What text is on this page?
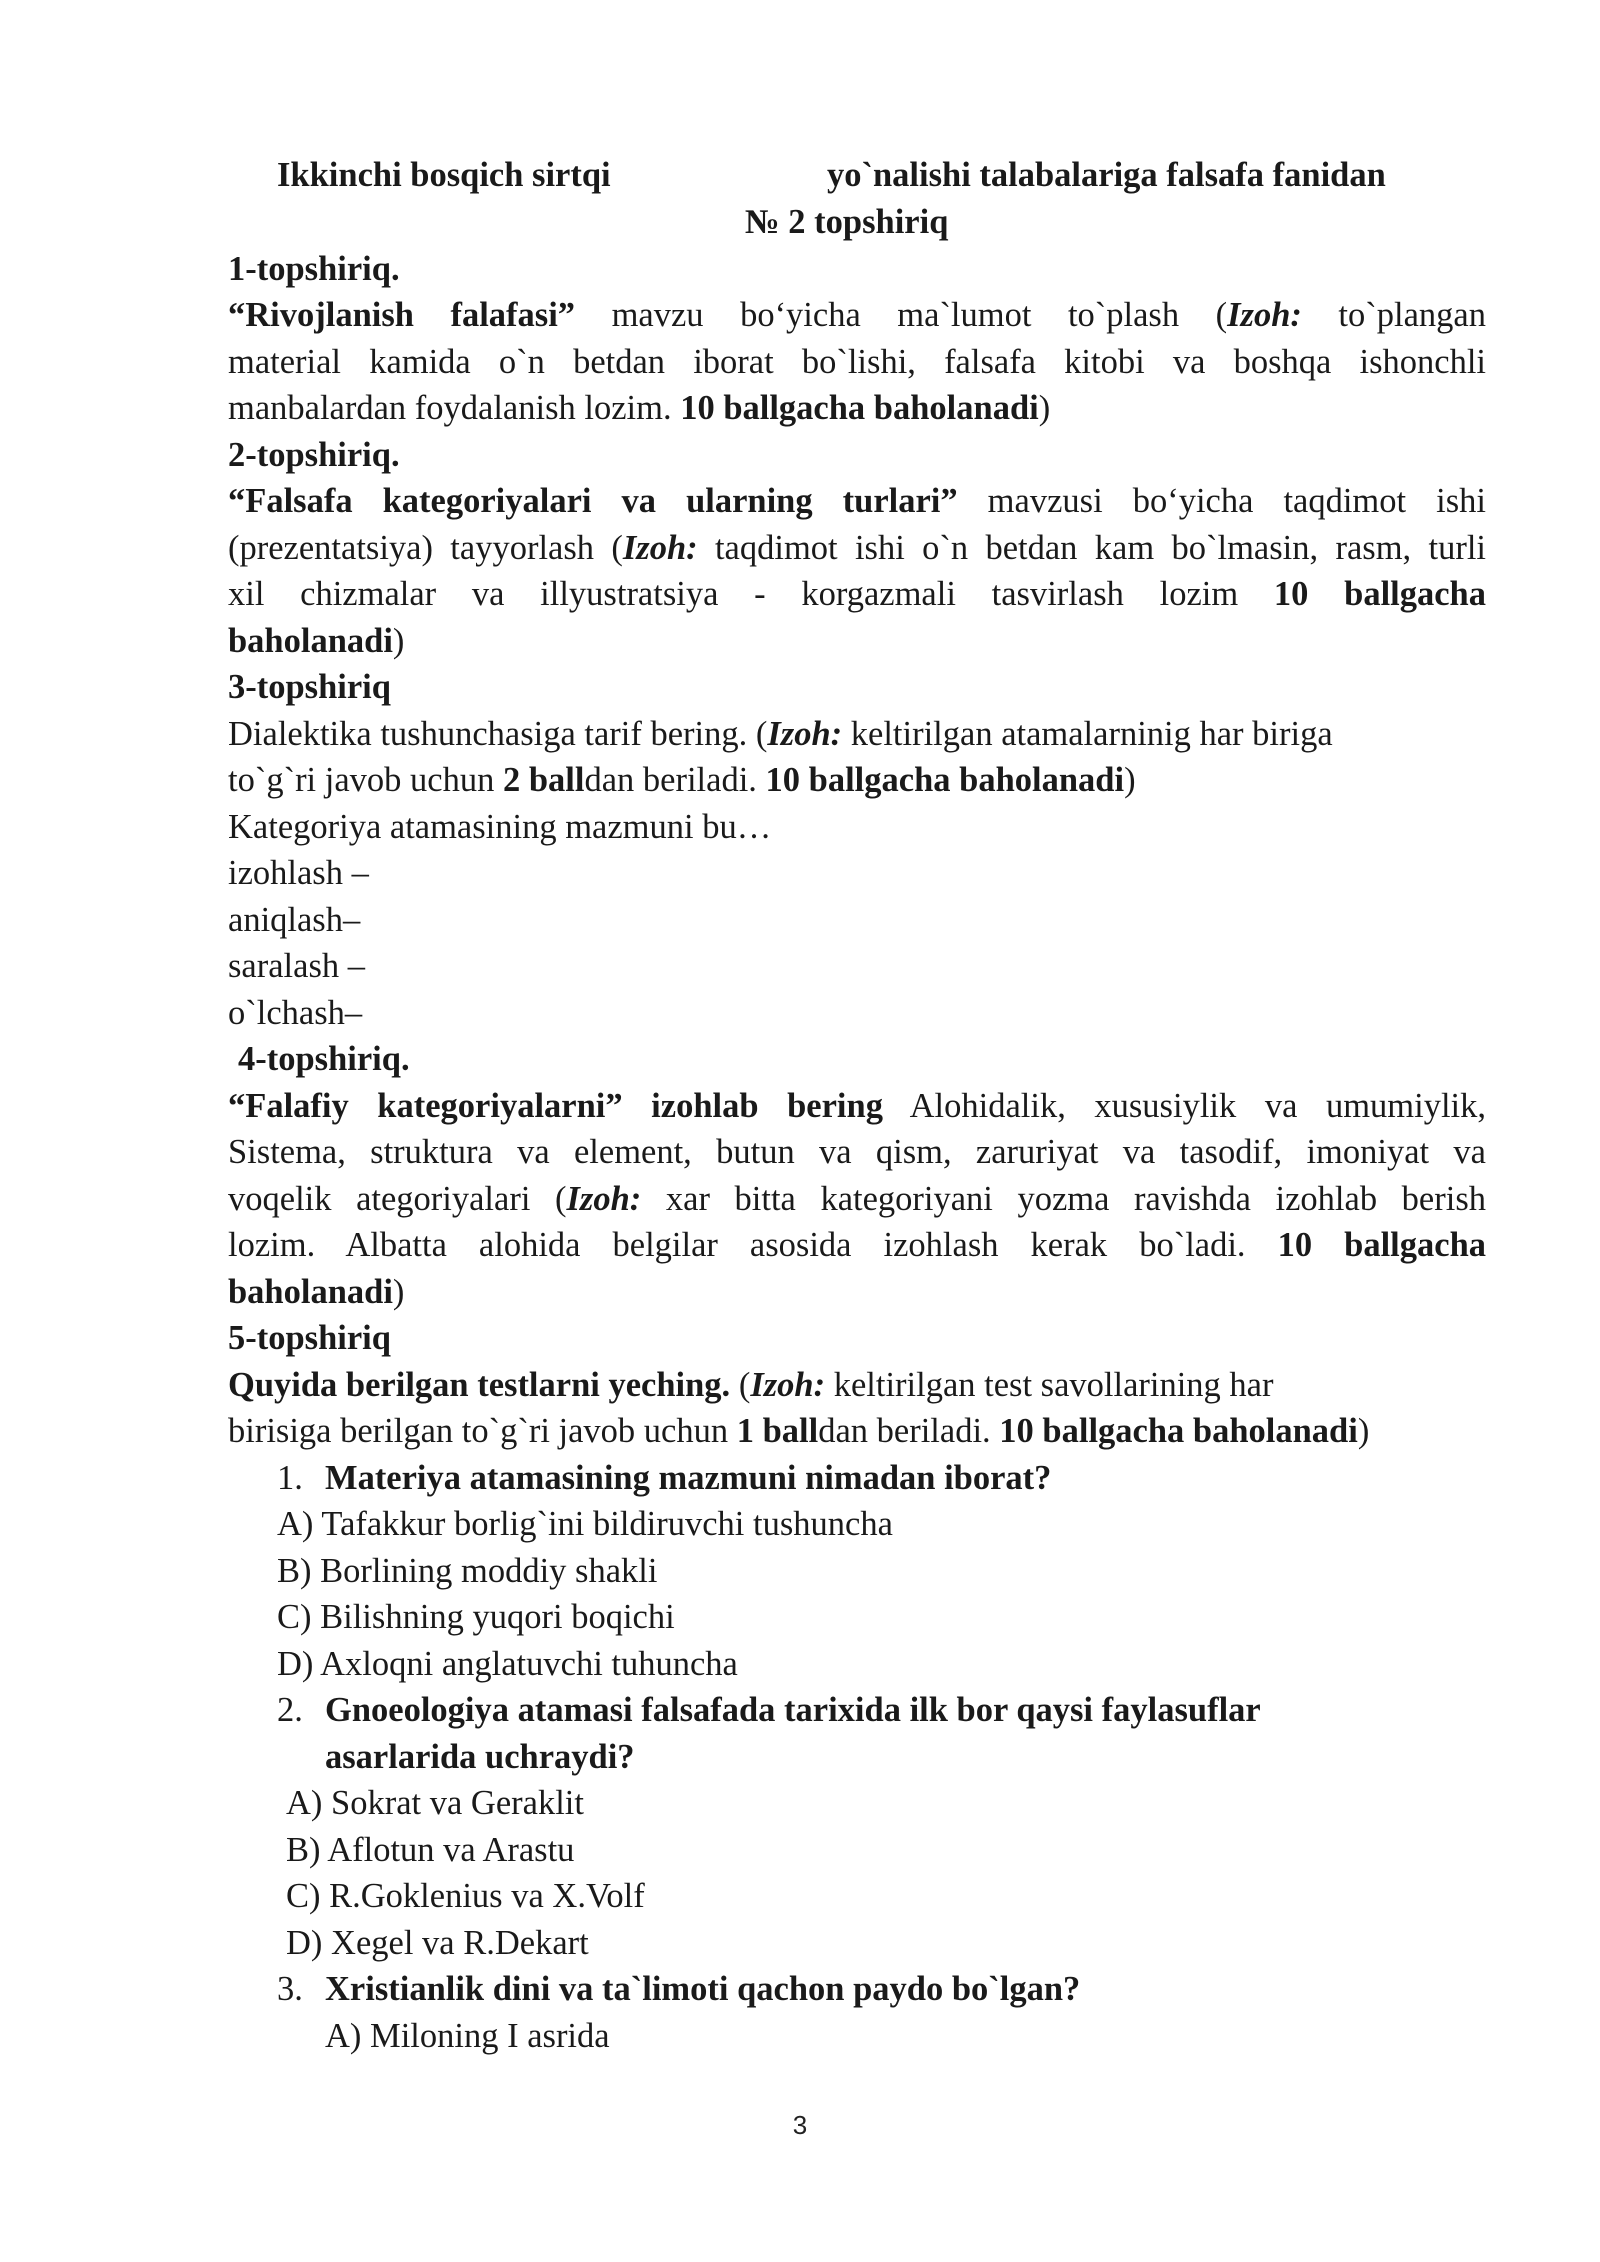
Ikkinchi bosqich sirtqi	yo`nalishi talabalariga falsafa fanidan
№ 2 topshiriq
1-topshiriq.
“Rivojlanish falafasi” mavzu bo‘yicha ma`lumot to`plash (Izoh: to`plangan
material kamida o`n betdan iborat bo`lishi, falsafa kitobi va boshqa ishonchli
manbalardan foydalanish lozim. 10 ballgacha baholanadi)
2-topshiriq.
“Falsafa kategoriyalari va ularning turlari” mavzusi bo‘yicha taqdimot ishi
(prezentatsiya) tayyorlash (Izoh: taqdimot ishi o`n betdan kam bo`lmasin, rasm, turli
xil chizmalar va illyustratsiya - korgazmali tasvirlash lozim 10 ballgacha
baholanadi)
3-topshiriq
Dialektika tushunchasiga tarif bering. (Izoh: keltirilgan atamalarninig har biriga
to`g`ri javob uchun 2 balldan beriladi. 10 ballgacha baholanadi)
Kategoriya atamasining mazmuni bu…
izohlash –
aniqlash–
saralash –
o`lchash–
4-topshiriq.
“Falafiy kategoriyalarni” izohlab bering Alohidalik, xususiylik va umumiylik,
Sistema, struktura va element, butun va qism, zaruriyat va tasodif, imoniyat va
voqelik ategoriyalari (Izoh: xar bitta kategoriyani yozma ravishda izohlab berish
lozim. Albatta alohida belgilar asosida izohlash kerak bo`ladi. 10 ballgacha
baholanadi)
5-topshiriq
Quyida berilgan testlarni yeching. (Izoh: keltirilgan test savollarining har
birisiga berilgan to`g`ri javob uchun 1 balldan beriladi. 10 ballgacha baholanadi)
1. Materiya atamasining mazmuni nimadan iborat?
A) Tafakkur borlig`ini bildiruvchi tushuncha
B) Borlining moddiy shakli
C) Bilishning yuqori boqichi
D) Axloqni anglatuvchi tuhuncha
2. Gnoeologiya atamasi falsafada tarixida ilk bor qaysi faylasuflar
asarlarida uchraydi?
A) Sokrat va Geraklit
B) Aflotun va Arastu
C) R.Goklenius va X.Volf
D) Xegel va R.Dekart
3. Xristianlik dini va ta`limoti qachon paydo bo`lgan?
A) Miloning I asrida
3
